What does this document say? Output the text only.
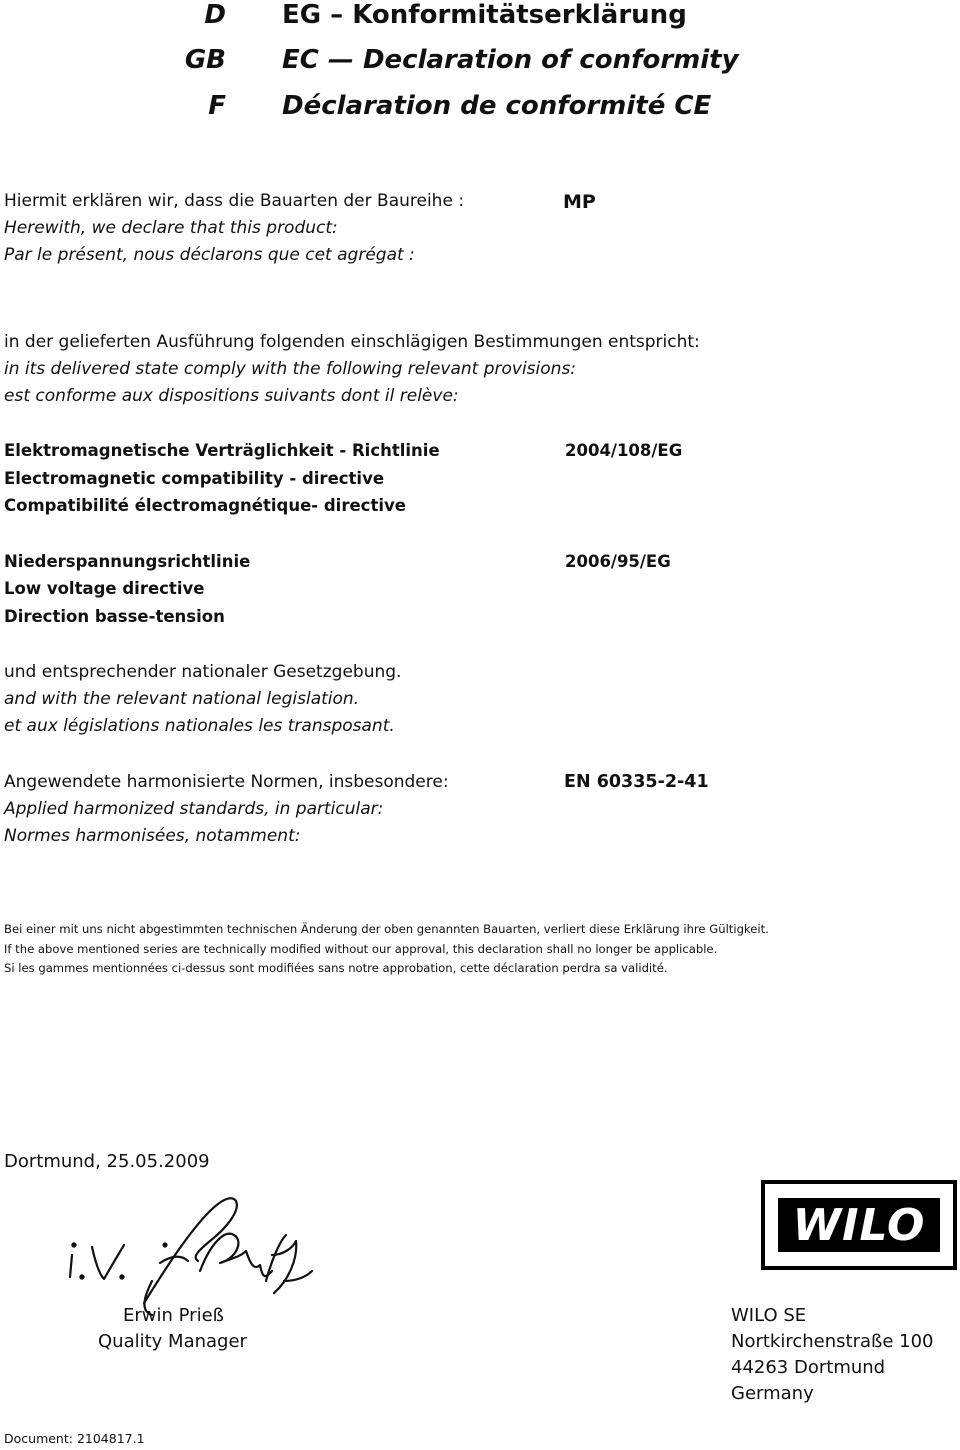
D EG – Konformitätserklärung
GB EC — Declaration of conformity
F Déclaration de conformité CE
Hiermit erklären wir, dass die Bauarten der Baureihe :
Herewith, we declare that this product:
Par le présent, nous déclarons que cet agrégat :
MP
in der gelieferten Ausführung folgenden einschlägigen Bestimmungen entspricht:
in its delivered state comply with the following relevant provisions:
est conforme aux dispositions suivants dont il relève:
Elektromagnetische Verträglichkeit - Richtlinie
Electromagnetic compatibility - directive
Compatibilité électromagnétique- directive
2004/108/EG
Niederspannungsrichtlinie
Low voltage directive
Direction basse-tension
2006/95/EG
und entsprechender nationaler Gesetzgebung.
and with the relevant national legislation.
et aux législations nationales les transposant.
Angewendete harmonisierte Normen, insbesondere:
Applied harmonized standards, in particular:
Normes harmonisées, notamment:
EN 60335-2-41
Bei einer mit uns nicht abgestimmten technischen Änderung der oben genannten Bauarten, verliert diese Erklärung ihre Gültigkeit.
If the above mentioned series are technically modified without our approval, this declaration shall no longer be applicable.
Si les gammes mentionnées ci-dessus sont modifiées sans notre approbation, cette déclaration perdra sa validité.
Dortmund, 25.05.2009
Erwin Prieß
Quality Manager
WILO
WILO SE
Nortkirchenstraße 100
44263 Dortmund
Germany
Document: 2104817.1
